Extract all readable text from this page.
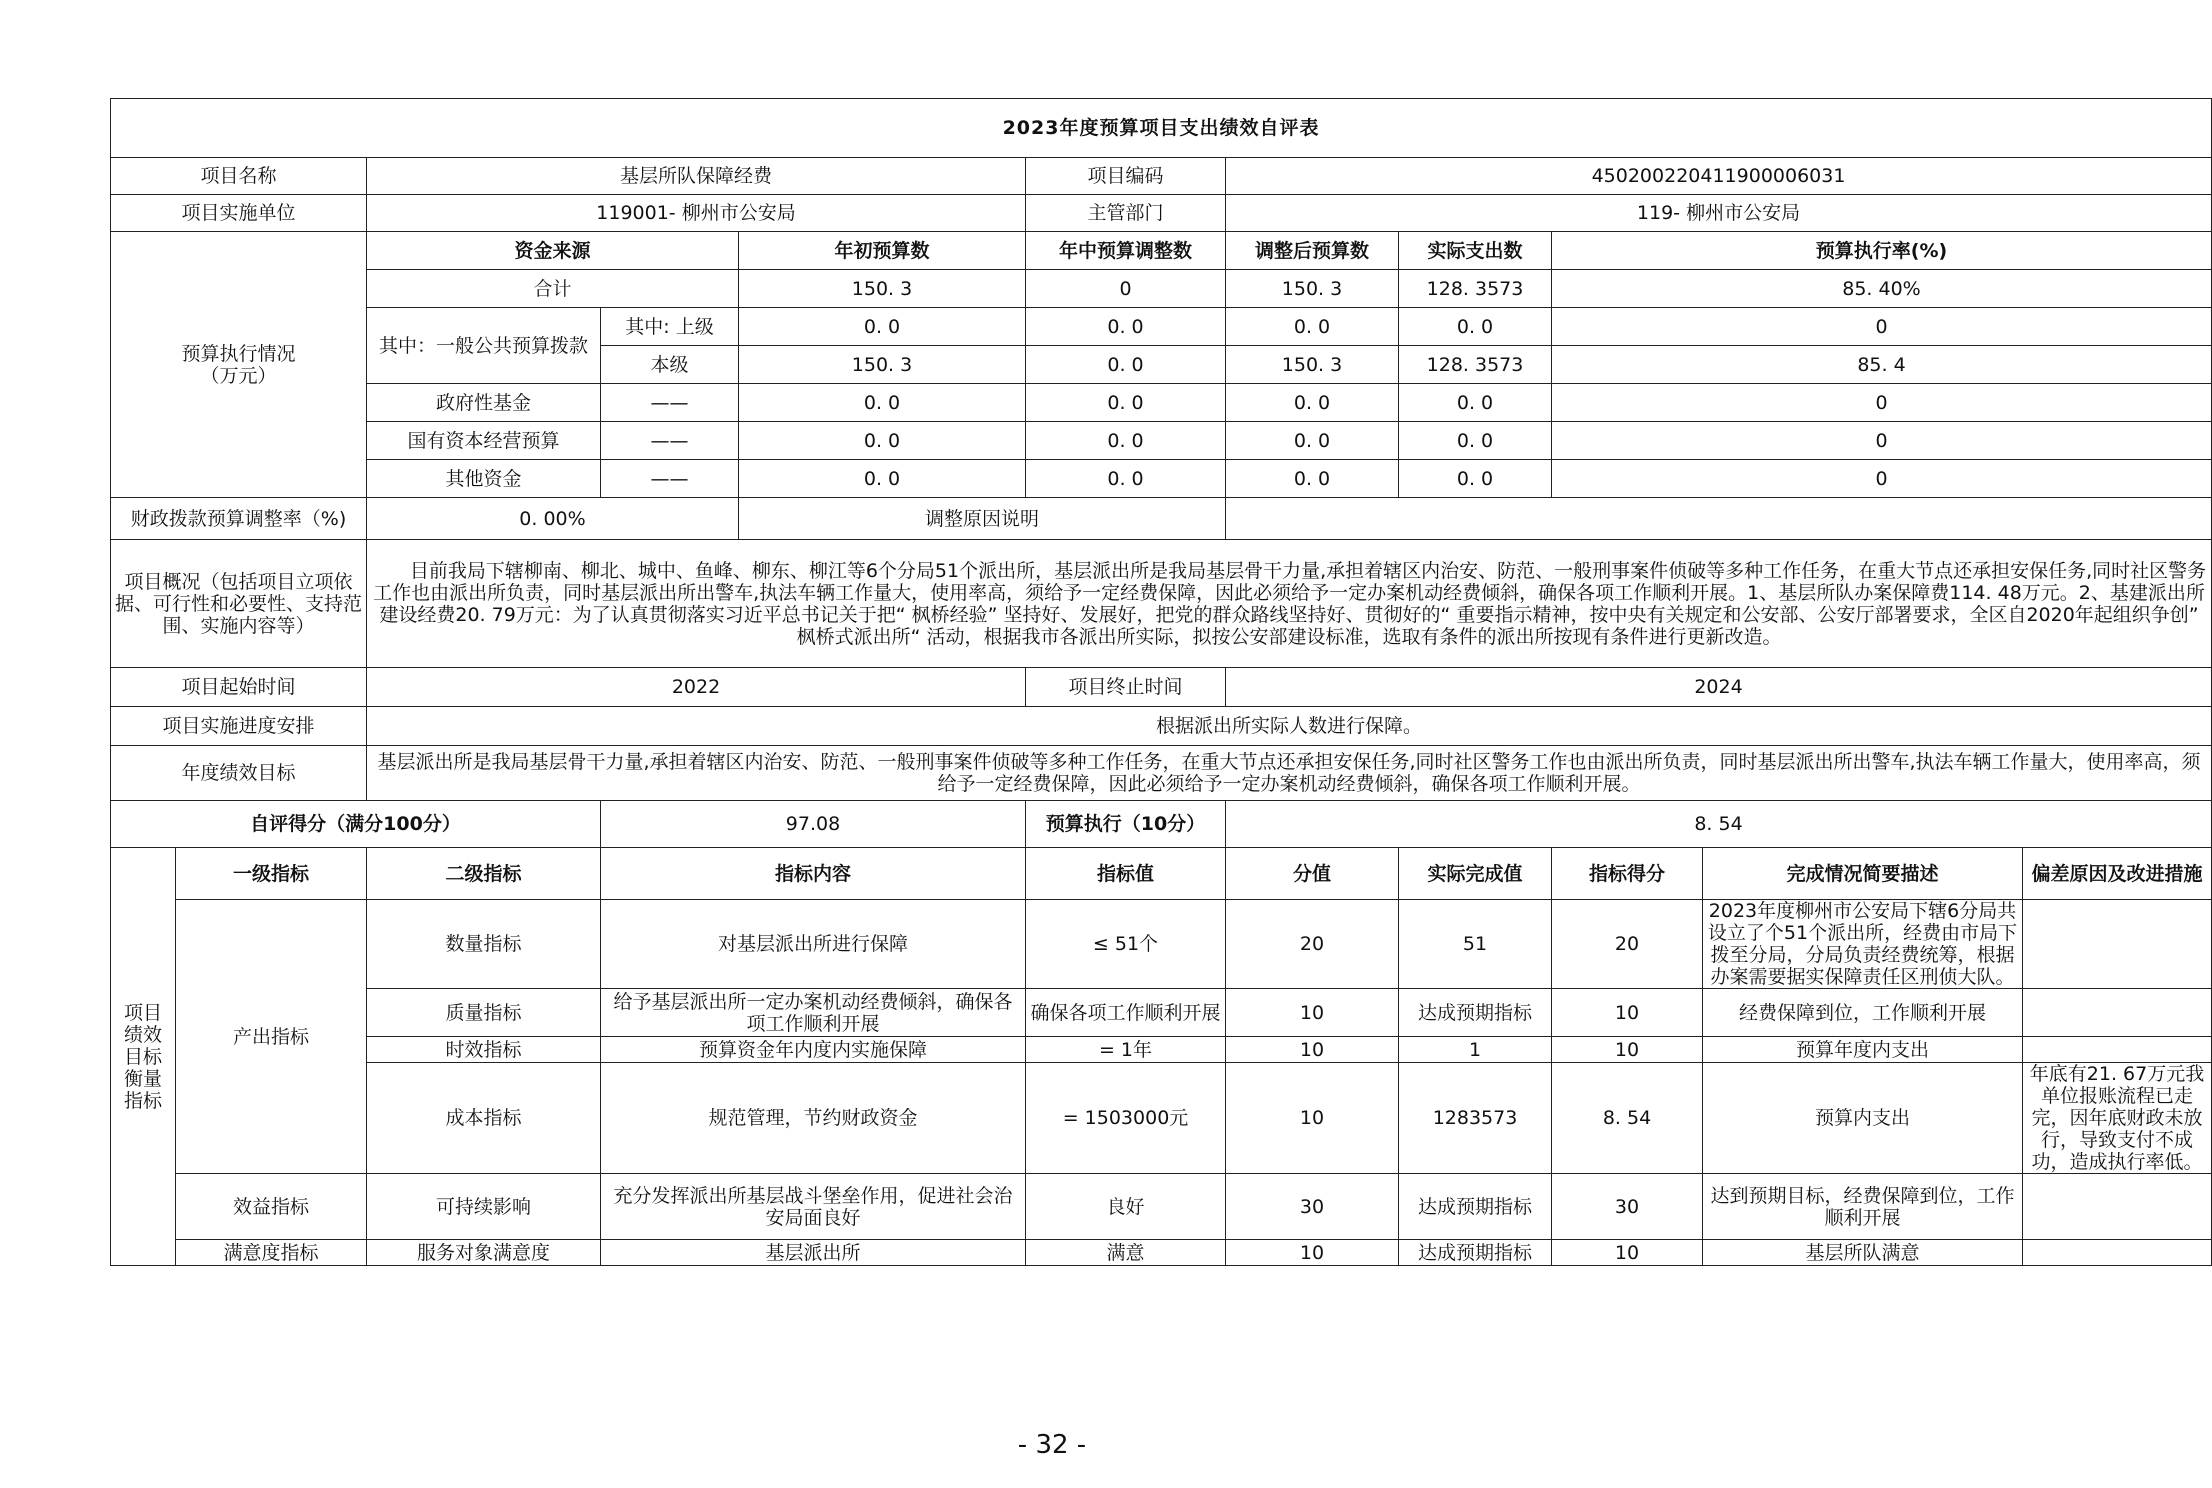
2023年度预算项目支出绩效自评表										
项目名称		基层所队保障经费			项目编码	450200220411900006031				
项目实施单位		119001- 柳州市公安局			主管部门	119- 柳州市公安局				
预算执行情况
（万元）		资金来源		年初预算数	年中预算调整数	调整后预算数	实际支出数	预算执行率(%)		
		合计		150. 3	0	150. 3	128. 3573	85. 40%		
		其中：一般公共预算拨款	其中: 上级	0. 0	0. 0	0. 0	0. 0	0		
			本级	150. 3	0. 0	150. 3	128. 3573	85. 4		
		政府性基金	——	0. 0	0. 0	0. 0	0. 0	0		
		国有资本经营预算	——	0. 0	0. 0	0. 0	0. 0	0		
		其他资金	——	0. 0	0. 0	0. 0	0. 0	0		
财政拨款预算调整率（%)		0. 00%		调整原因说明						
项目概况（包括项目立项依据、可行性和必要性、支持范围、实施内容等）		目前我局下辖柳南、柳北、城中、鱼峰、柳东、柳江等6个分局51个派出所，基层派出所是我局基层骨干力量,承担着辖区内治安、防范、一般刑事案件侦破等多种工作任务，在重大节点还承担安保任务,同时社区警务工作也由派出所负责，同时基层派出所出警车,执法车辆工作量大，使用率高，须给予一定经费保障，因此必须给予一定办案机动经费倾斜，确保各项工作顺利开展。1、基层所队办案保障费114. 48万元。2、基建派出所建设经费20. 79万元：为了认真贯彻落实习近平总书记关于把“ 枫桥经验” 坚持好、发展好，把党的群众路线坚持好、贯彻好的“ 重要指示精神，按中央有关规定和公安部、公安厅部署要求，全区自2020年起组织争创” 枫桥式派出所“ 活动，根据我市各派出所实际，拟按公安部建设标准，选取有条件的派出所按现有条件进行更新改造。								
项目起始时间		2022			项目终止时间	2024				
项目实施进度安排		根据派出所实际人数进行保障。								
年度绩效目标		基层派出所是我局基层骨干力量,承担着辖区内治安、防范、一般刑事案件侦破等多种工作任务，在重大节点还承担安保任务,同时社区警务工作也由派出所负责，同时基层派出所出警车,执法车辆工作量大，使用率高，须给予一定经费保障，因此必须给予一定办案机动经费倾斜，确保各项工作顺利开展。								
自评得分（满分100分）			97.08		预算执行（10分）	8. 54				
项目
绩效
目标
衡量
指标	一级指标	二级指标	指标内容		指标值	分值	实际完成值	指标得分	完成情况简要描述	偏差原因及改进措施
	产出指标	数量指标	对基层派出所进行保障		≤ 51个	20	51	20	2023年度柳州市公安局下辖6分局共设立了个51个派出所，经费由市局下拨至分局，分局负责经费统筹，根据办案需要据实保障责任区刑侦大队。	
		质量指标	给予基层派出所一定办案机动经费倾斜，确保各项工作顺利开展		确保各项工作顺利开展	10	达成预期指标	10	经费保障到位，工作顺利开展	
		时效指标	预算资金年内度内实施保障		= 1年	10	1	10	预算年度内支出	
		成本指标	规范管理，节约财政资金		= 1503000元	10	1283573	8. 54	预算内支出	年底有21. 67万元我单位报账流程已走完，因年底财政未放行，导致支付不成功，造成执行率低。
	效益指标	可持续影响	充分发挥派出所基层战斗堡垒作用，促进社会治安局面良好		良好	30	达成预期指标	30	达到预期目标，经费保障到位，工作顺利开展	
	满意度指标	服务对象满意度	基层派出所		满意	10	达成预期指标	10	基层所队满意	
- 32 -
